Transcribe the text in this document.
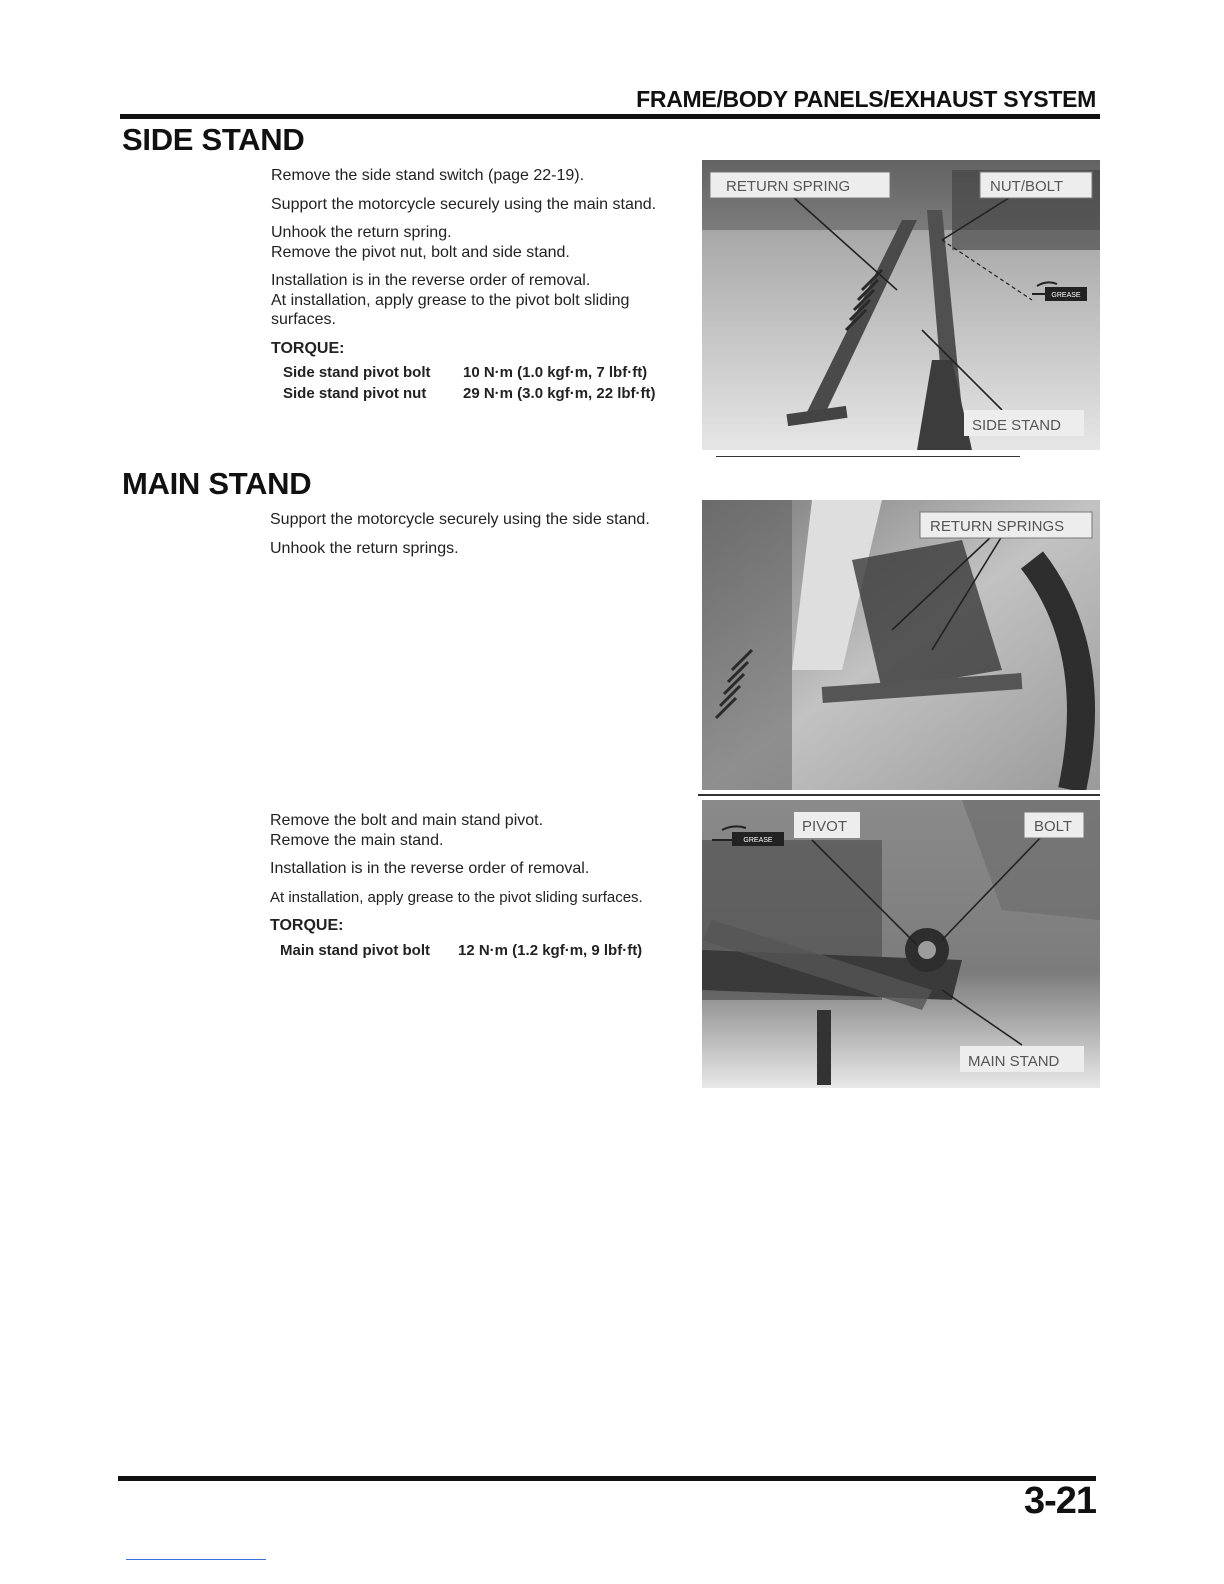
FRAME/BODY PANELS/EXHAUST SYSTEM
SIDE STAND

Remove the side stand switch (page 22-19).

Support the motorcycle securely using the main stand.

Unhook the return spring.

Remove the pivot nut, bolt and side stand.

Installation is in the reverse order of removal.

At installation, apply grease to the pivot bolt sliding surfaces.

TORQUE:
Side stand pivot bolt 10 N·m (1.0 kgf·m, 7 lbf·ft)
Side stand pivot nut 29 N·m (3.0 kgf·m, 22 lbf·ft)
GREASE
RETURN SPRING	NUT/BOLT
SIDE STAND
MAIN STAND

Support the motorcycle securely using the side stand.

Unhook the return springs.

RETURN SPRINGS

Remove the bolt and main stand pivot.

Remove the main stand.

Installation is in the reverse order of removal.

At installation, apply grease to the pivot sliding surfaces.

TORQUE:
Main stand pivot bolt 12 N·m (1.2 kgf·m, 9 lbf·ft)
GREASE
PIVOT	BOLT
MAIN STAND
3-21
